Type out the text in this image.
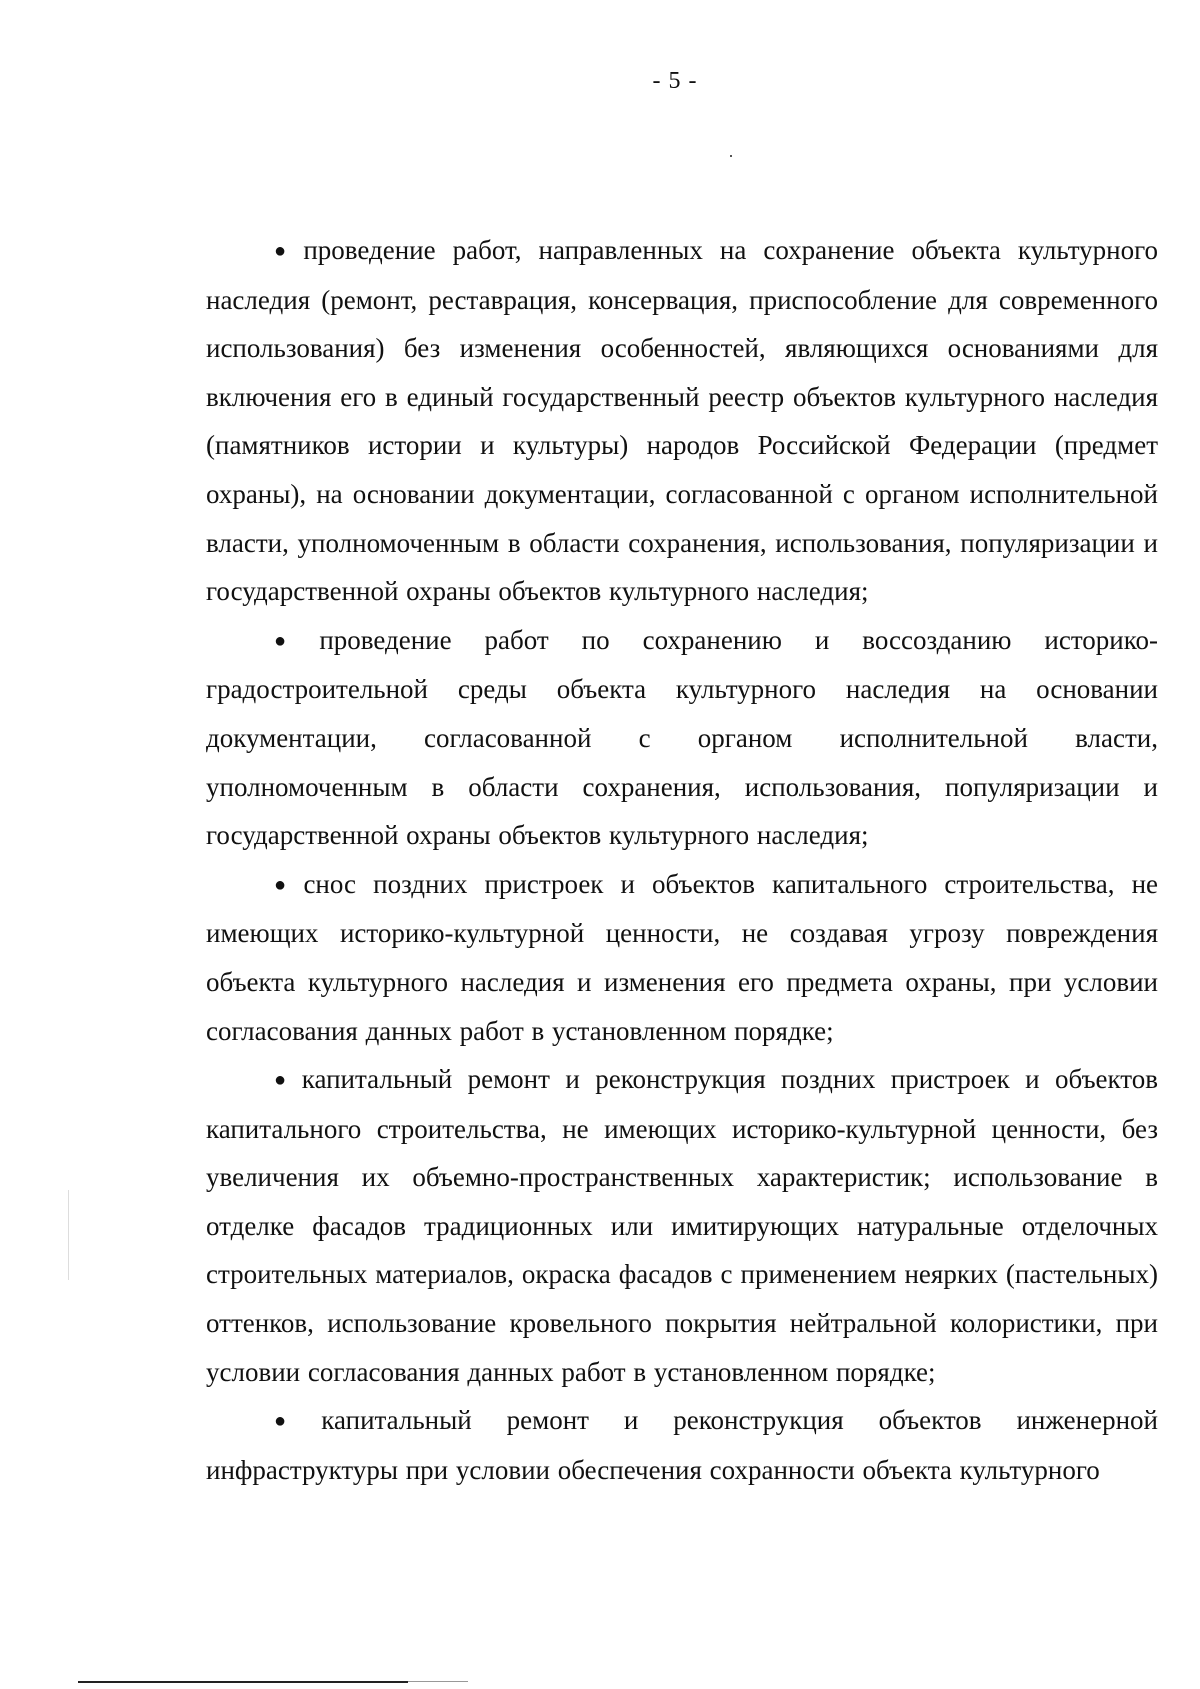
- 5 -

● проведение работ, направленных на сохранение объекта культурного наследия (ремонт, реставрация, консервация, приспособление для современного использования) без изменения особенностей, являющихся основаниями для включения его в единый государственный реестр объектов культурного наследия (памятников истории и культуры) народов Российской Федерации (предмет охраны), на основании документации, согласованной с органом исполнительной власти, уполномоченным в области сохранения, использования, популяризации и государственной охраны объектов культурного наследия;

● проведение работ по сохранению и воссозданию историко-градостроительной среды объекта культурного наследия на основании документации, согласованной с органом исполнительной власти, уполномоченным в области сохранения, использования, популяризации и государственной охраны объектов культурного наследия;

● снос поздних пристроек и объектов капитального строительства, не имеющих историко-культурной ценности, не создавая угрозу повреждения объекта культурного наследия и изменения его предмета охраны, при условии согласования данных работ в установленном порядке;

● капитальный ремонт и реконструкция поздних пристроек и объектов капитального строительства, не имеющих историко-культурной ценности, без увеличения их объемно-пространственных характеристик; использование в отделке фасадов традиционных или имитирующих натуральные отделочных строительных материалов, окраска фасадов с применением неярких (пастельных) оттенков, использование кровельного покрытия нейтральной колористики, при условии согласования данных работ в установленном порядке;

● капитальный ремонт и реконструкция объектов инженерной инфраструктуры при условии обеспечения сохранности объекта культурного
